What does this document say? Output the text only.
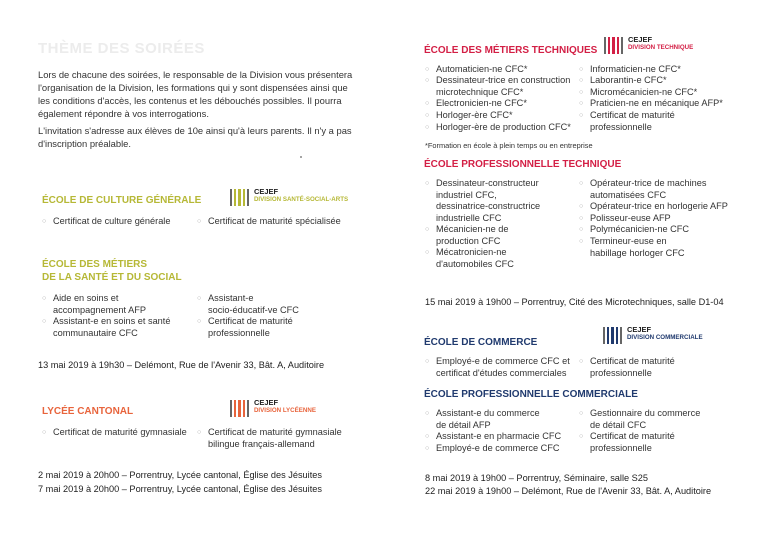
THÈME DES SOIRÉES
Lors de chacune des soirées, le responsable de la Division vous présentera
l'organisation de la Division, les formations qui y sont dispensées ainsi que
les conditions d'accès, les contenus et les débouchés possibles. Il pourra
également répondre à vos interrogations.
L'invitation s'adresse aux élèves de 10e ainsi qu'à leurs parents. Il n'y a pas
d'inscription préalable.
ÉCOLE DE CULTURE GÉNÉRALE
CEJEF
DIVISION SANTÉ-SOCIAL-ARTS
○ Certificat de culture générale	○ Certificat de maturité spécialisée
ÉCOLE DES MÉTIERS
DE LA SANTÉ ET DU SOCIAL
○ Aide en soins et
accompagnement AFP
○ Assistant-e en soins et santé
communautaire CFC
○ Assistant-e
socio-éducatif-ve CFC
○ Certificat de maturité
professionnelle
13 mai 2019 à 19h30 – Delémont, Rue de l'Avenir 33, Bât. A, Auditoire
LYCÉE CANTONAL
CEJEF
DIVISION LYCÉENNE
○ Certificat de maturité gymnasiale ○ Certificat de maturité gymnasiale
bilingue français-allemand
2 mai 2019 à 20h00 – Porrentruy, Lycée cantonal, Église des Jésuites
7 mai 2019 à 20h00 – Porrentruy, Lycée cantonal, Église des Jésuites
ÉCOLE DES MÉTIERS TECHNIQUES
CEJEF
DIVISION TECHNIQUE
○ Automaticien-ne CFC*
○ Dessinateur-trice en construction
microtechnique CFC*
○ Electronicien-ne CFC*
○ Horloger-ère CFC*
○ Horloger-ère de production CFC*
○ Informaticien-ne CFC*
○ Laborantin-e CFC*
○ Micromécanicien-ne CFC*
○ Praticien-ne en mécanique AFP*
○ Certificat de maturité
professionnelle
*Formation en école à plein temps ou en entreprise
ÉCOLE PROFESSIONNELLE TECHNIQUE
○ Dessinateur-constructeur
industriel CFC,
dessinatrice-constructrice
industrielle CFC
○ Mécanicien-ne de
production CFC
○ Mécatronicien-ne
d'automobiles CFC
○ Opérateur-trice de machines
automatisées CFC
○ Opérateur-trice en horlogerie AFP
○ Polisseur-euse AFP
○ Polymécanicien-ne CFC
○ Termineur-euse en
habillage horloger CFC
15 mai 2019 à 19h00 – Porrentruy, Cité des Microtechniques, salle D1-04
ÉCOLE DE COMMERCE
CEJEF
DIVISION COMMERCIALE
○ Employé-e de commerce CFC et
certificat d'études commerciales
○ Certificat de maturité
professionnelle
ÉCOLE PROFESSIONNELLE COMMERCIALE
○ Assistant-e du commerce
de détail AFP
○ Assistant-e en pharmacie CFC
○ Employé-e de commerce CFC
○ Gestionnaire du commerce
de détail CFC
○ Certificat de maturité
professionnelle
8 mai 2019 à 19h00 – Porrentruy, Séminaire, salle S25
22 mai 2019 à 19h00 – Delémont, Rue de l'Avenir 33, Bât. A, Auditoire
